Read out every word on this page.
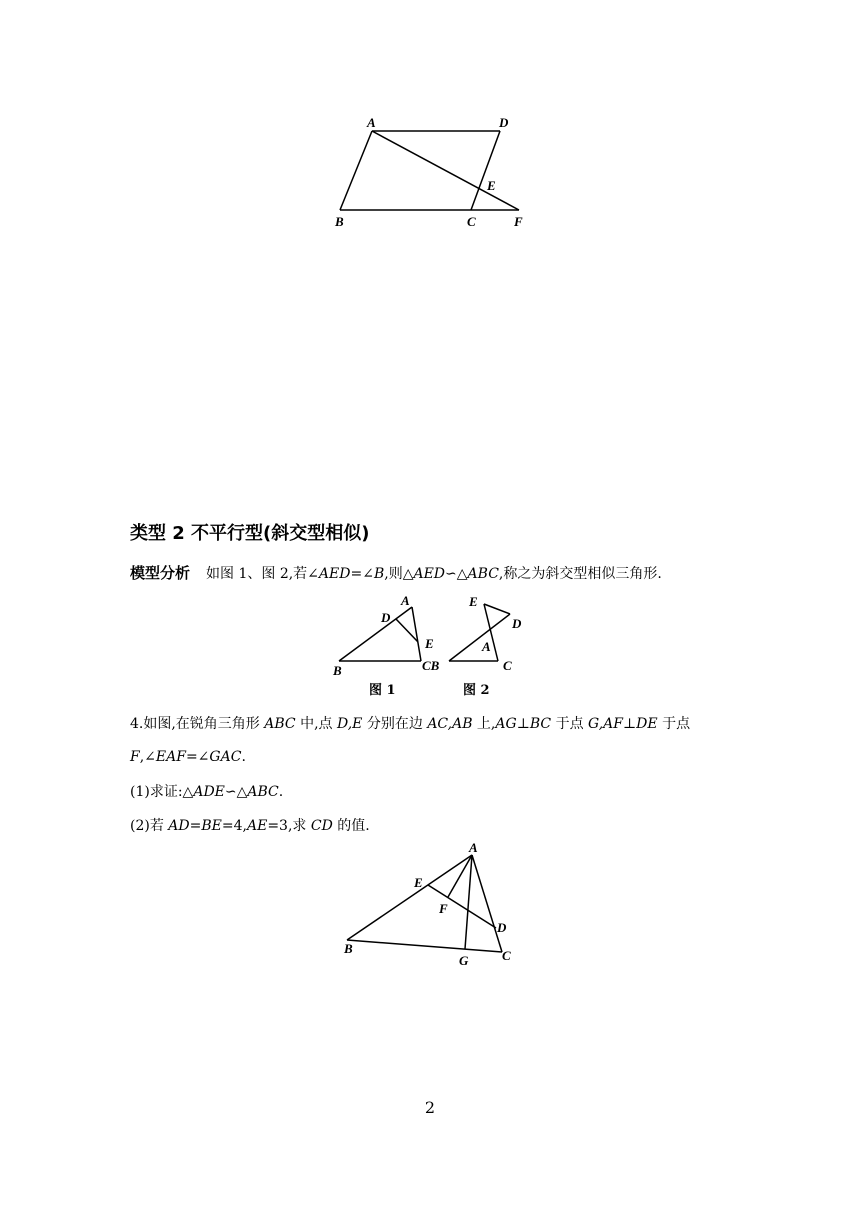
A	D
E
B	C	F
类型 2 不平行型(斜交型相似)
模型分析 如图 1、图 2,若∠AED=∠B,则△AED∽△ABC,称之为斜交型相似三角形.
A
D
E
B	CB
E
D
A
C
图 1	图 2
4.如图,在锐角三角形 ABC 中,点 D,E 分别在边 AC,AB 上,AG⊥BC 于点 G,AF⊥DE 于点
F,∠EAF=∠GAC.
(1)求证:△ADE∽△ABC.
(2)若 AD=BE=4,AE=3,求 CD 的值.
A
E
F
D
B
G	C
2
